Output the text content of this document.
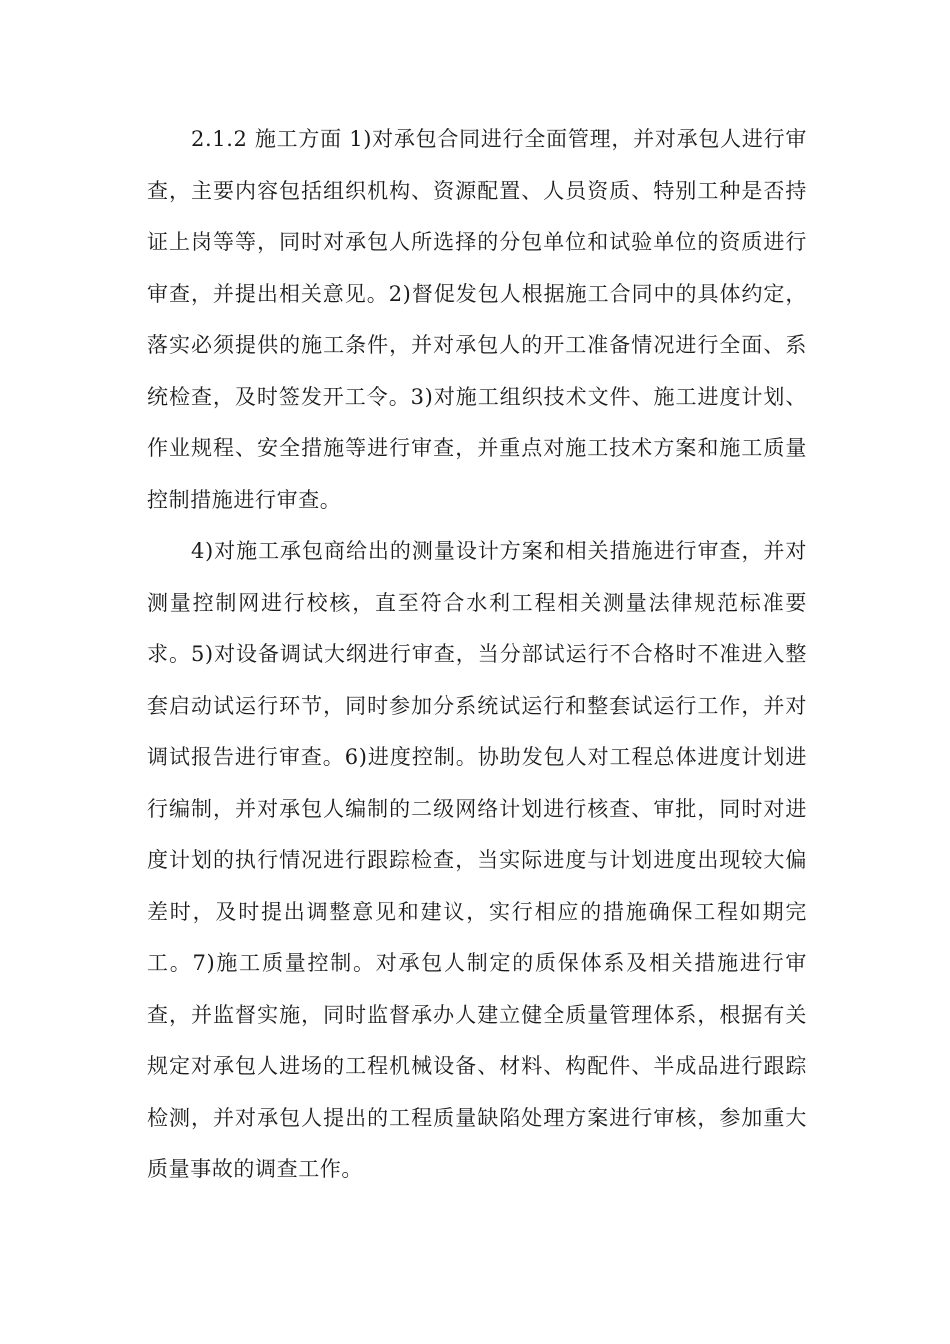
2.1.2 施工方面 1)对承包合同进行全面管理，并对承包人进行审查，主要内容包括组织机构、资源配置、人员资质、特别工种是否持证上岗等等，同时对承包人所选择的分包单位和试验单位的资质进行审查，并提出相关意见。2)督促发包人根据施工合同中的具体约定，落实必须提供的施工条件，并对承包人的开工准备情况进行全面、系统检查，及时签发开工令。3)对施工组织技术文件、施工进度计划、作业规程、安全措施等进行审查，并重点对施工技术方案和施工质量控制措施进行审查。

4)对施工承包商给出的测量设计方案和相关措施进行审查，并对测量控制网进行校核，直至符合水利工程相关测量法律规范标准要求。5)对设备调试大纲进行审查，当分部试运行不合格时不准进入整套启动试运行环节，同时参加分系统试运行和整套试运行工作，并对调试报告进行审查。6)进度控制。协助发包人对工程总体进度计划进行编制，并对承包人编制的二级网络计划进行核查、审批，同时对进度计划的执行情况进行跟踪检查，当实际进度与计划进度出现较大偏差时，及时提出调整意见和建议，实行相应的措施确保工程如期完工。7)施工质量控制。对承包人制定的质保体系及相关措施进行审查，并监督实施，同时监督承办人建立健全质量管理体系，根据有关规定对承包人进场的工程机械设备、材料、构配件、半成品进行跟踪检测，并对承包人提出的工程质量缺陷处理方案进行审核，参加重大质量事故的调查工作。
